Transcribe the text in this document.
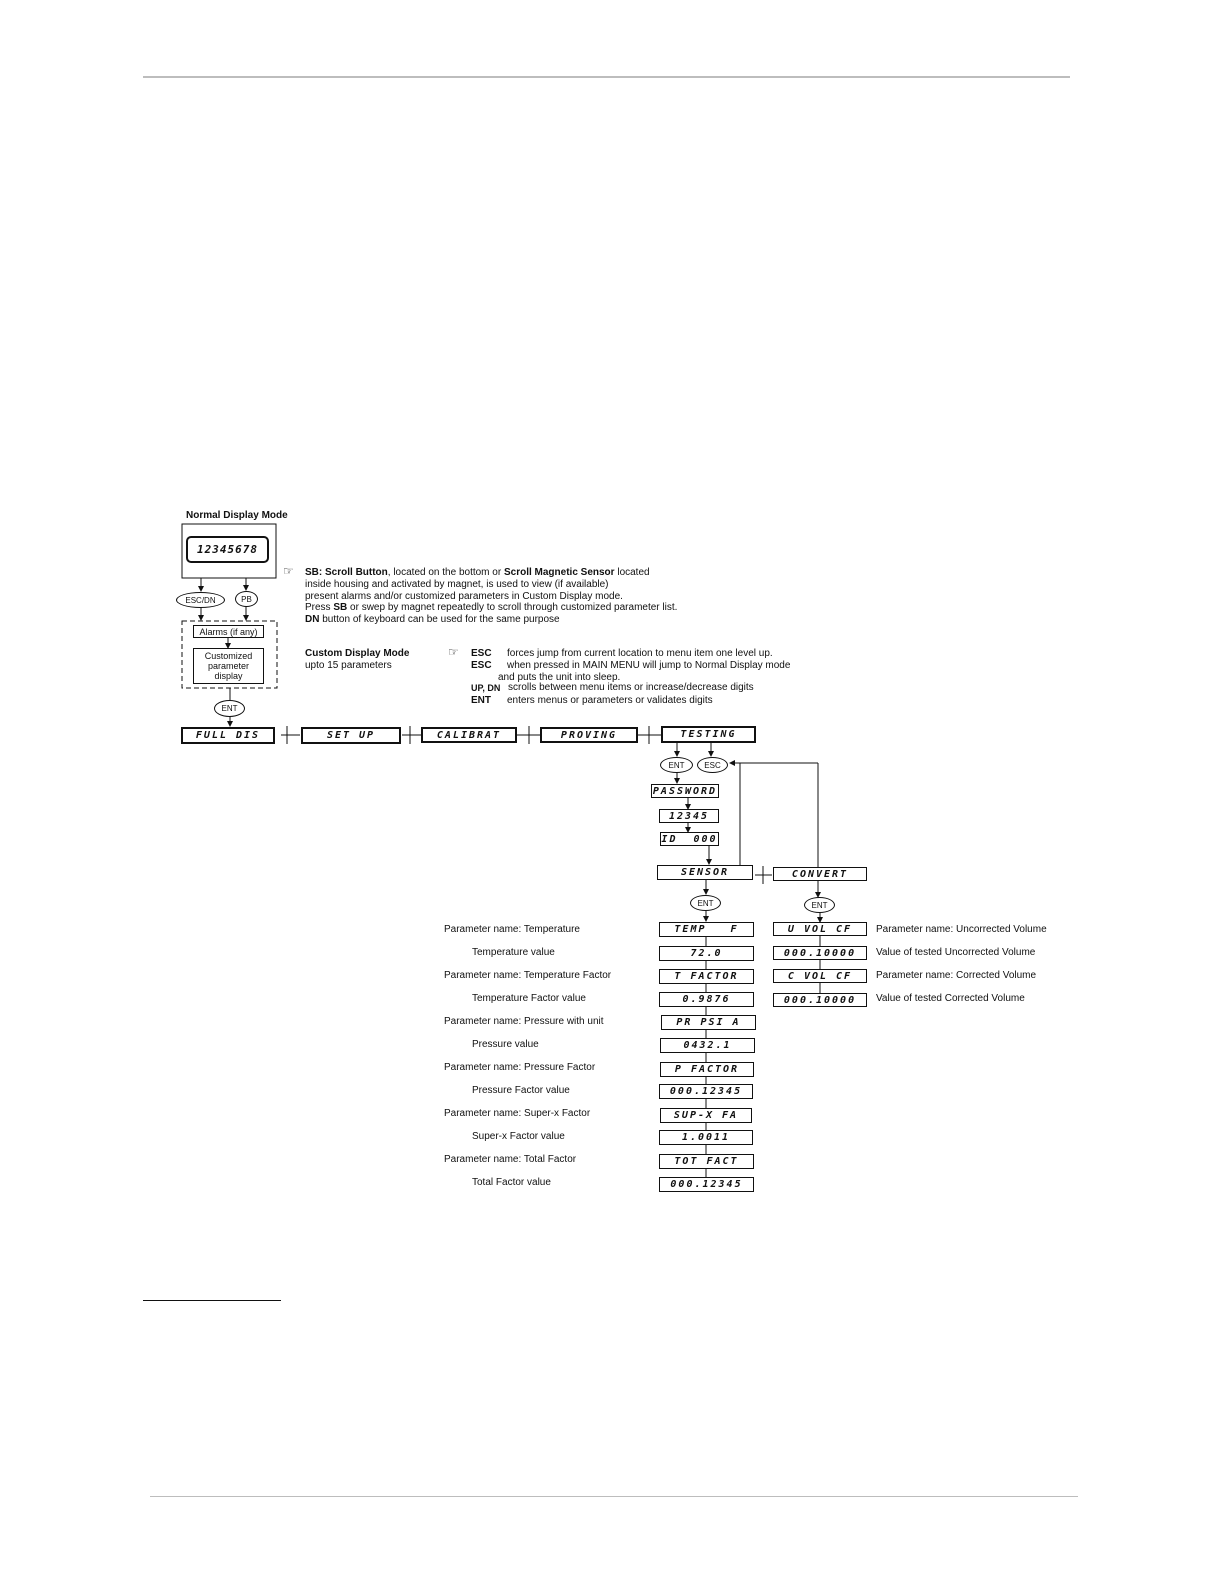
Normal Display Mode
12345678
ESC/DN	PB
Alarms (if any)
Customized parameter display
ENT
☞ SB: Scroll Button, located on the bottom or Scroll Magnetic Sensor located
inside housing and activated by magnet, is used to view (if available)
present alarms and/or customized parameters in Custom Display mode.
Press SB or swep by magnet repeatedly to scroll through customized parameter list.
DN button of keyboard can be used for the same purpose
Custom Display Mode
upto 15 parameters
☞ ESC forces jump from current location to menu item one level up.
ESC when pressed in MAIN MENU will jump to Normal Display mode
and puts the unit into sleep.
UP, DN scrolls between menu items or increase/decrease digits
ENT enters menus or parameters or validates digits
FULL DIS	SET UP	CALIBRAT	PROVING	TESTING
ENT	ESC
PASSWORD
12345
ID  000
SENSOR	CONVERT
ENT	ENT
Parameter name: Temperature	TEMP   F
Temperature value	72.0
Parameter name: Temperature Factor	T FACTOR
Temperature Factor value	0.9876
Parameter name: Pressure with unit	PR PSI A
Pressure value	0432.1
Parameter name: Pressure Factor	P FACTOR
Pressure Factor value	000.12345
Parameter name: Super-x Factor	SUP-X FA
Super-x Factor value	1.0011
Parameter name: Total Factor	TOT FACT
Total Factor value	000.12345
U VOL CF	Parameter name: Uncorrected Volume
000.10000	Value of tested Uncorrected Volume
C VOL CF	Parameter name: Corrected Volume
000.10000	Value of tested Corrected Volume
